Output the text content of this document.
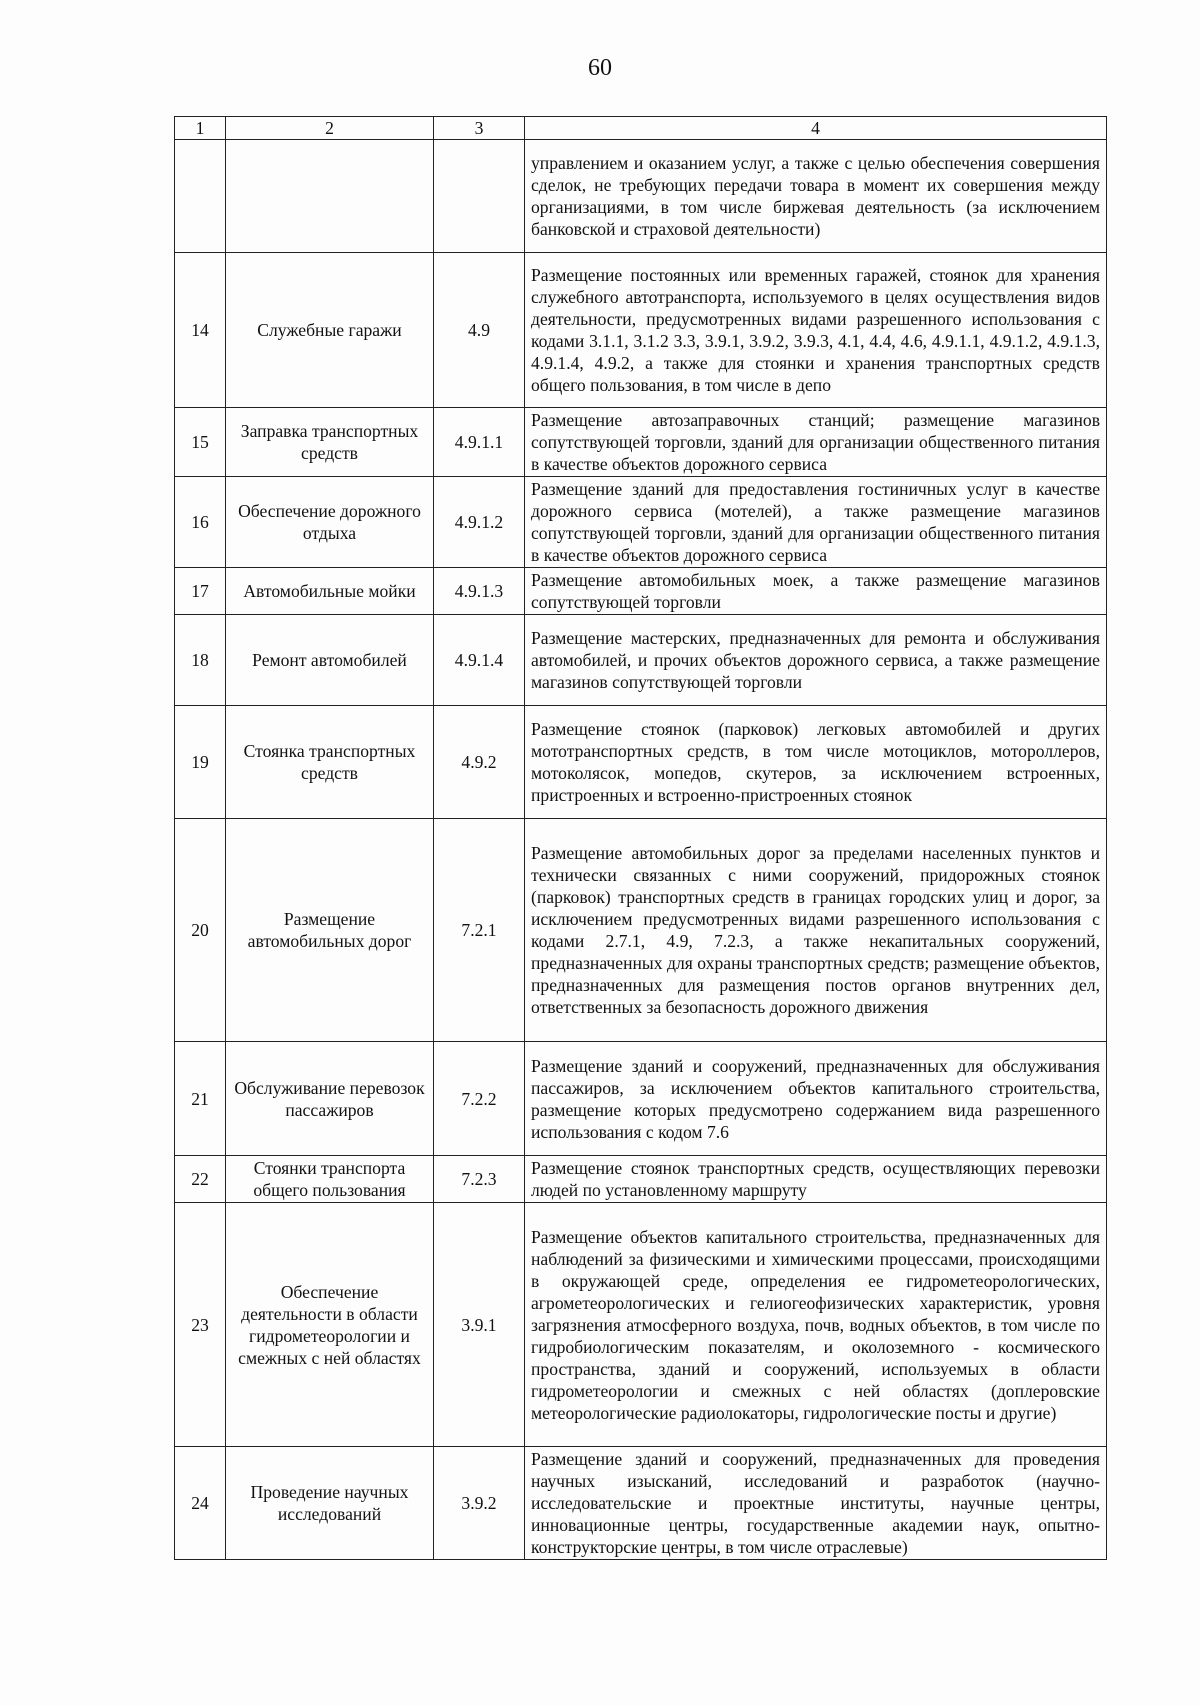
60
1	2	3	4
			управлением и оказанием услуг, а также с целью обеспечения совершения сделок, не требующих передачи товара в момент их совершения между организациями, в том числе биржевая деятельность (за исключением банковской и страховой деятельности)
14	Служебные гаражи	4.9	Размещение постоянных или временных гаражей, стоянок для хранения служебного автотранспорта, используемого в целях осуществления видов деятельности, предусмотренных видами разрешенного использования с кодами 3.1.1, 3.1.2 3.3, 3.9.1, 3.9.2, 3.9.3, 4.1, 4.4, 4.6, 4.9.1.1, 4.9.1.2, 4.9.1.3, 4.9.1.4, 4.9.2, а также для стоянки и хранения транспортных средств общего пользования, в том числе в депо
15	Заправка транспортных средств	4.9.1.1	Размещение автозаправочных станций; размещение магазинов сопутствующей торговли, зданий для организации общественного питания в качестве объектов дорожного сервиса
16	Обеспечение дорожного отдыха	4.9.1.2	Размещение зданий для предоставления гостиничных услуг в качестве дорожного сервиса (мотелей), а также размещение магазинов сопутствующей торговли, зданий для организации общественного питания в качестве объектов дорожного сервиса
17	Автомобильные мойки	4.9.1.3	Размещение автомобильных моек, а также размещение магазинов сопутствующей торговли
18	Ремонт автомобилей	4.9.1.4	Размещение мастерских, предназначенных для ремонта и обслуживания автомобилей, и прочих объектов дорожного сервиса, а также размещение магазинов сопутствующей торговли
19	Стоянка транспортных средств	4.9.2	Размещение стоянок (парковок) легковых автомобилей и других мототранспортных средств, в том числе мотоциклов, мотороллеров, мотоколясок, мопедов, скутеров, за исключением встроенных, пристроенных и встроенно-пристроенных стоянок
20	Размещение автомобильных дорог	7.2.1	Размещение автомобильных дорог за пределами населенных пунктов и технически связанных с ними сооружений, придорожных стоянок (парковок) транспортных средств в границах городских улиц и дорог, за исключением предусмотренных видами разрешенного использования с кодами 2.7.1, 4.9, 7.2.3, а также некапитальных сооружений, предназначенных для охраны транспортных средств; размещение объектов, предназначенных для размещения постов органов внутренних дел, ответственных за безопасность дорожного движения
21	Обслуживание перевозок пассажиров	7.2.2	Размещение зданий и сооружений, предназначенных для обслуживания пассажиров, за исключением объектов капитального строительства, размещение которых предусмотрено содержанием вида разрешенного использования с кодом 7.6
22	Стоянки транспорта общего пользования	7.2.3	Размещение стоянок транспортных средств, осуществляющих перевозки людей по установленному маршруту
23	Обеспечение деятельности в области гидрометеорологии и смежных с ней областях	3.9.1	Размещение объектов капитального строительства, предназначенных для наблюдений за физическими и химическими процессами, происходящими в окружающей среде, определения ее гидрометеорологических, агрометеорологических и гелиогеофизических характеристик, уровня загрязнения атмосферного воздуха, почв, водных объектов, в том числе по гидробиологическим показателям, и околоземного - космического пространства, зданий и сооружений, используемых в области гидрометеорологии и смежных с ней областях (доплеровские метеорологические радиолокаторы, гидрологические посты и другие)
24	Проведение научных исследований	3.9.2	Размещение зданий и сооружений, предназначенных для проведения научных изысканий, исследований и разработок (научно-исследовательские и проектные институты, научные центры, инновационные центры, государственные академии наук, опытно-конструкторские центры, в том числе отраслевые)
